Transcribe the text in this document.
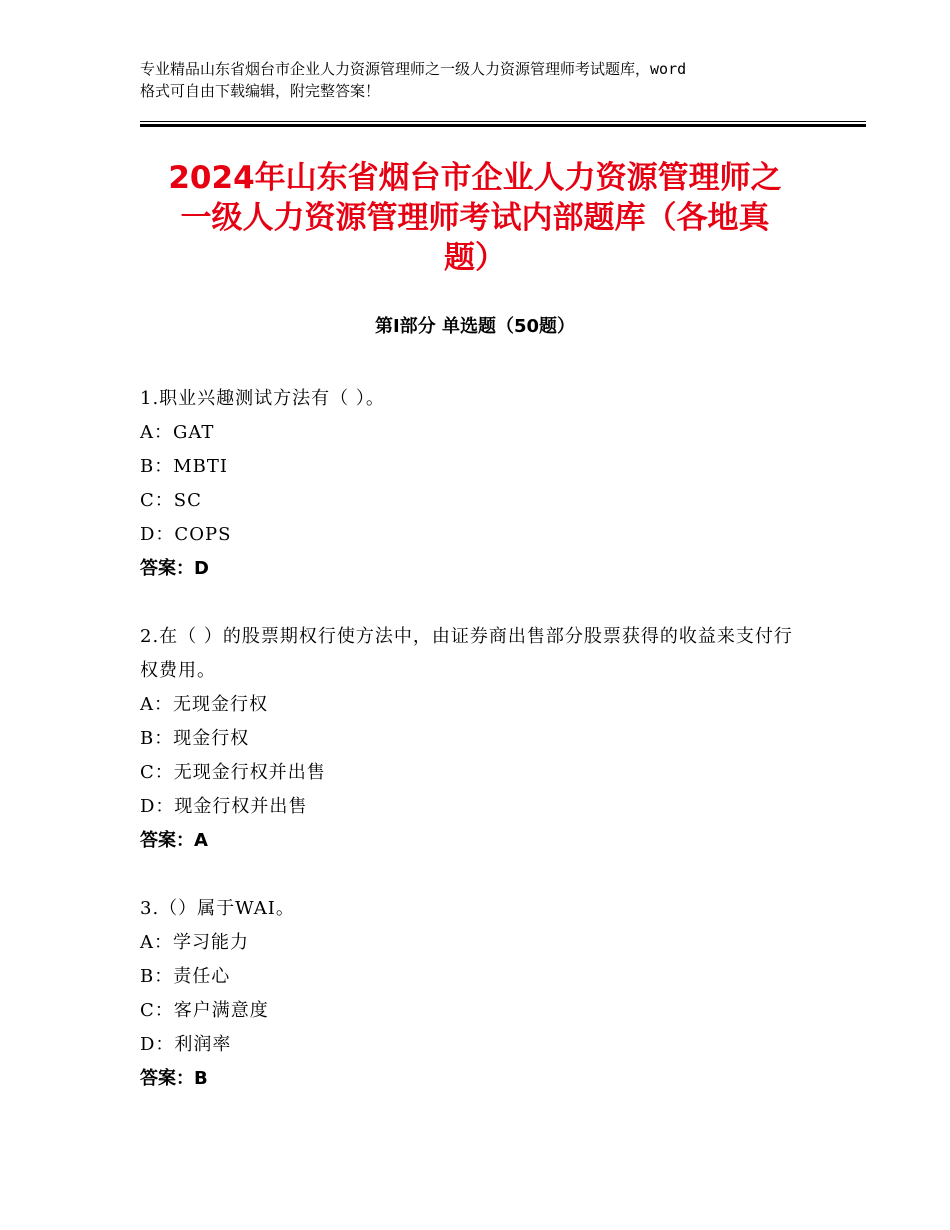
专业精品山东省烟台市企业人力资源管理师之一级人力资源管理师考试题库，word
格式可自由下载编辑，附完整答案！
2024年山东省烟台市企业人力资源管理师之
一级人力资源管理师考试内部题库（各地真
题）
第Ⅰ部分 单选题（50题）
1.职业兴趣测试方法有（ ）。
A：GAT
B：MBTI
C：SC
D：COPS
答案：D
2.在（ ）的股票期权行使方法中，由证券商出售部分股票获得的收益来支付行权费用。
A：无现金行权
B：现金行权
C：无现金行权并出售
D：现金行权并出售
答案：A
3.（）属于WAI。
A：学习能力
B：责任心
C：客户满意度
D：利润率
答案：B
